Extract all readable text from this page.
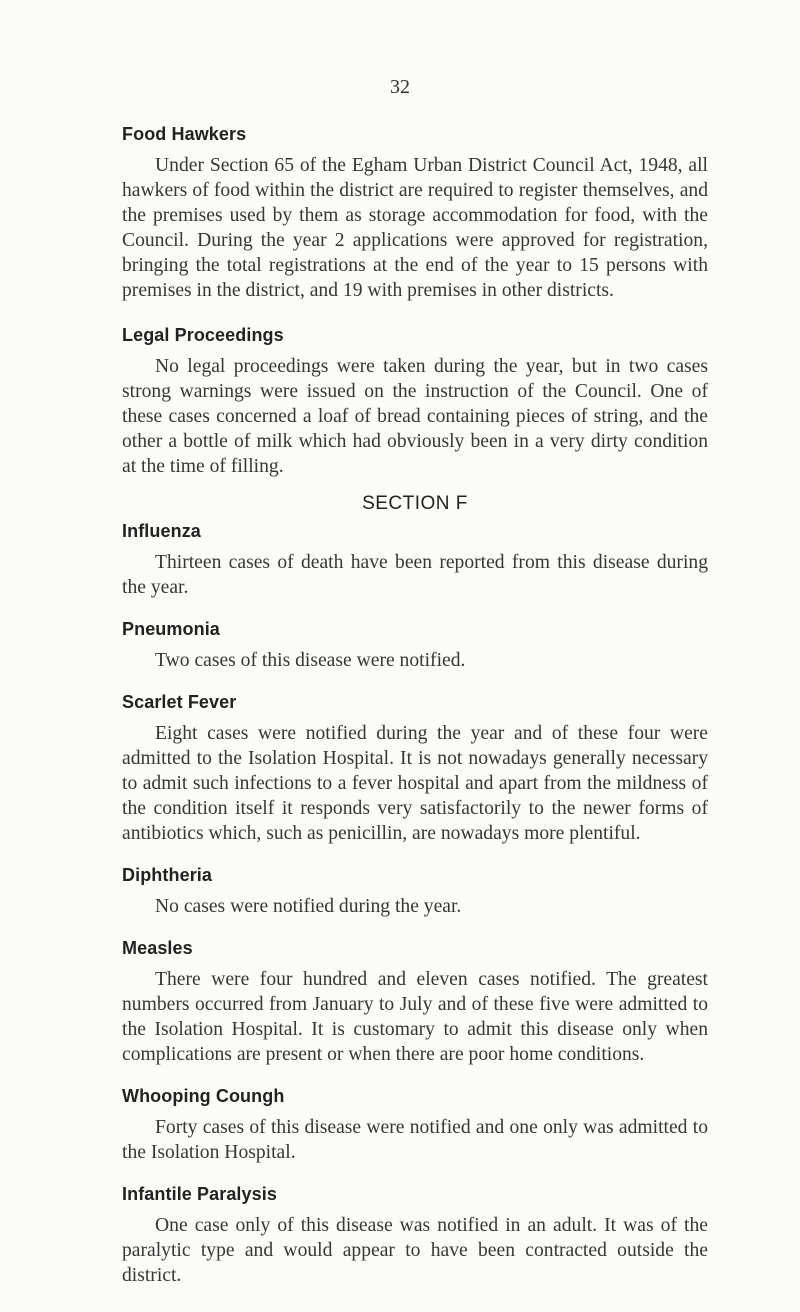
32
Food Hawkers

Under Section 65 of the Egham Urban District Council Act, 1948, all hawkers of food within the district are required to register themselves, and the premises used by them as storage accommodation for food, with the Council. During the year 2 applications were approved for registration, bringing the total registrations at the end of the year to 15 persons with premises in the district, and 19 with premises in other districts.

Legal Proceedings

No legal proceedings were taken during the year, but in two cases strong warnings were issued on the instruction of the Council. One of these cases concerned a loaf of bread containing pieces of string, and the other a bottle of milk which had obviously been in a very dirty condition at the time of filling.

SECTION F
Influenza

Thirteen cases of death have been reported from this disease during the year.

Pneumonia

Two cases of this disease were notified.

Scarlet Fever

Eight cases were notified during the year and of these four were admitted to the Isolation Hospital. It is not nowadays generally necessary to admit such infections to a fever hospital and apart from the mildness of the condition itself it responds very satisfactorily to the newer forms of antibiotics which, such as penicillin, are nowadays more plentiful.

Diphtheria

No cases were notified during the year.

Measles

There were four hundred and eleven cases notified. The greatest numbers occurred from January to July and of these five were admitted to the Isolation Hospital. It is customary to admit this disease only when complications are present or when there are poor home conditions.

Whooping Coungh

Forty cases of this disease were notified and one only was admitted to the Isolation Hospital.

Infantile Paralysis

One case only of this disease was notified in an adult. It was of the paralytic type and would appear to have been contracted outside the district.
